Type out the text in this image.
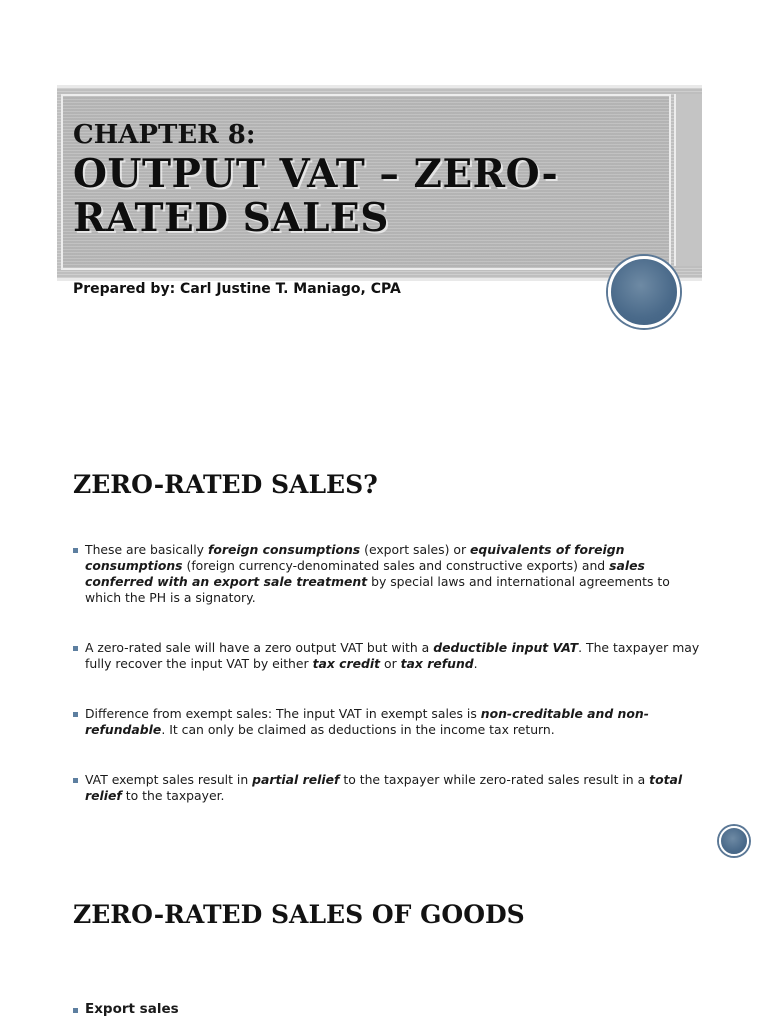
CHAPTER 8:
OUTPUT VAT – ZERO-RATED SALES
Prepared by: Carl Justine T. Maniago, CPA
ZERO-RATED SALES?
These are basically foreign consumptions (export sales) or equivalents of foreign consumptions (foreign currency-denominated sales and constructive exports) and sales conferred with an export sale treatment by special laws and international agreements to which the PH is a signatory.
A zero-rated sale will have a zero output VAT but with a deductible input VAT. The taxpayer may fully recover the input VAT by either tax credit or tax refund.
Difference from exempt sales: The input VAT in exempt sales is non-creditable and non-refundable. It can only be claimed as deductions in the income tax return.
VAT exempt sales result in partial relief to the taxpayer while zero-rated sales result in a total relief to the taxpayer.
ZERO-RATED SALES OF GOODS
Export sales
